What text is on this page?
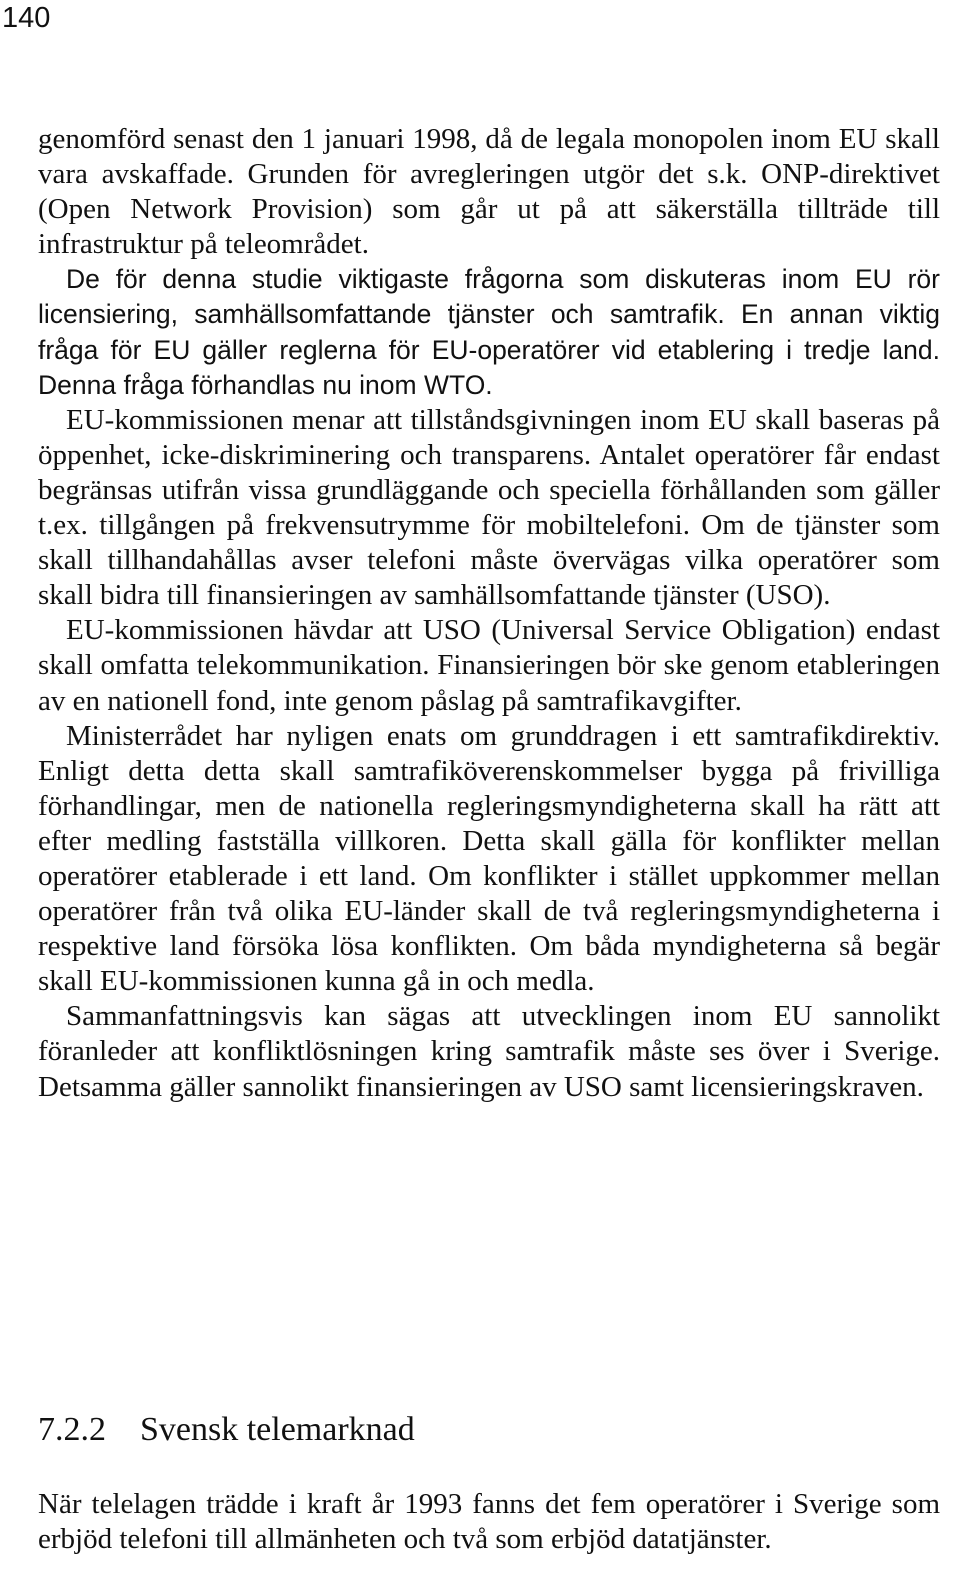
140

genomförd senast den 1 januari 1998, då de legala monopolen inom EU skall vara avskaffade. Grunden för avregleringen utgör det s.k. ONP-direktivet (Open Network Provision) som går ut på att säkerställa tillträde till infrastruktur på teleområdet.

De för denna studie viktigaste frågorna som diskuteras inom EU rör licensiering, samhällsomfattande tjänster och samtrafik. En annan viktig fråga för EU gäller reglerna för EU-operatörer vid etablering i tredje land. Denna fråga förhandlas nu inom WTO.

EU-kommissionen menar att tillståndsgivningen inom EU skall baseras på öppenhet, icke-diskriminering och transparens. Antalet operatörer får endast begränsas utifrån vissa grundläggande och speciella förhållanden som gäller t.ex. tillgången på frekvensutrymme för mobiltelefoni. Om de tjänster som skall tillhandahållas avser telefoni måste övervägas vilka operatörer som skall bidra till finansieringen av samhällsomfattande tjänster (USO).

EU-kommissionen hävdar att USO (Universal Service Obligation) endast skall omfatta telekommunikation. Finansieringen bör ske genom etableringen av en nationell fond, inte genom påslag på samtrafikavgifter.

Ministerrådet har nyligen enats om grunddragen i ett samtrafikdirektiv. Enligt detta detta skall samtrafiköverenskommelser bygga på frivilliga förhandlingar, men de nationella regleringsmyndigheterna skall ha rätt att efter medling fastställa villkoren. Detta skall gälla för konflikter mellan operatörer etablerade i ett land. Om konflikter i stället uppkommer mellan operatörer från två olika EU-länder skall de två regleringsmyndigheterna i respektive land försöka lösa konflikten. Om båda myndigheterna så begär skall EU-kommissionen kunna gå in och medla.

Sammanfattningsvis kan sägas att utvecklingen inom EU sannolikt föranleder att konfliktlösningen kring samtrafik måste ses över i Sverige. Detsamma gäller sannolikt finansieringen av USO samt licensieringskraven.

7.2.2 Svensk telemarknad

När telelagen trädde i kraft år 1993 fanns det fem operatörer i Sverige som erbjöd telefoni till allmänheten och två som erbjöd datatjänster.
